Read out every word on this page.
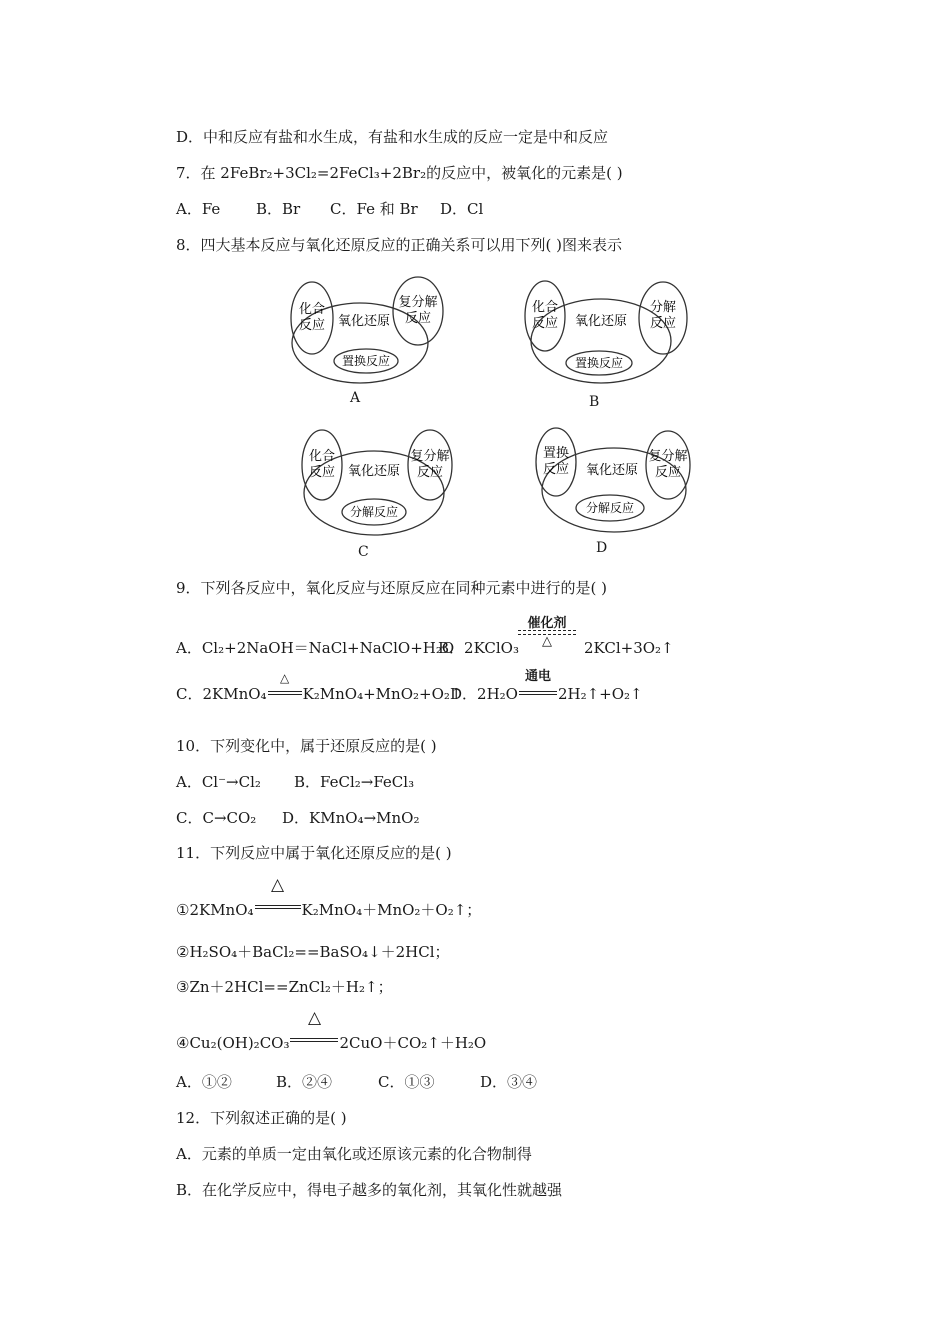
D．中和反应有盐和水生成，有盐和水生成的反应一定是中和反应
7．在 2FeBr₂+3Cl₂=2FeCl₃+2Br₂的反应中，被氧化的元素是( )
A．Fe B．Br C．Fe 和 Br D．Cl
8．四大基本反应与氧化还原反应的正确关系可以用下列( )图来表示
化合
反应 氧化还原
复分解
反应
置换反应
A
化合
反应 氧化还原
分解
反应
置换反应
B
化合
反应 氧化还原
复分解
反应
分解反应
C
置换
反应 氧化还原
复分解
反应
分解反应
D
9．下列各反应中，氧化反应与还原反应在同种元素中进行的是( )
A．Cl₂+2NaOH＝NaCl+NaClO+H₂OB．2KClO₃
催化剂
△	2KCl+3O₂↑
C．2KMnO₄
△
K₂MnO₄+MnO₂+O₂↑
D．2H₂O
通电
2H₂↑+O₂↑
10．下列变化中，属于还原反应的是( )
A．Cl⁻→Cl₂ B．FeCl₂→FeCl₃
C．C→CO₂ D．KMnO₄→MnO₂
11．下列反应中属于氧化还原反应的是( )
①2KMnO₄
△
K₂MnO₄＋MnO₂＋O₂↑；
②H₂SO₄＋BaCl₂==BaSO₄↓＋2HCl；
③Zn＋2HCl==ZnCl₂＋H₂↑；
④Cu₂(OH)₂CO₃
△
2CuO＋CO₂↑＋H₂O
A．①②	B．②④	C．①③	D．③④
12．下列叙述正确的是( )
A．元素的单质一定由氧化或还原该元素的化合物制得
B．在化学反应中，得电子越多的氧化剂，其氧化性就越强
